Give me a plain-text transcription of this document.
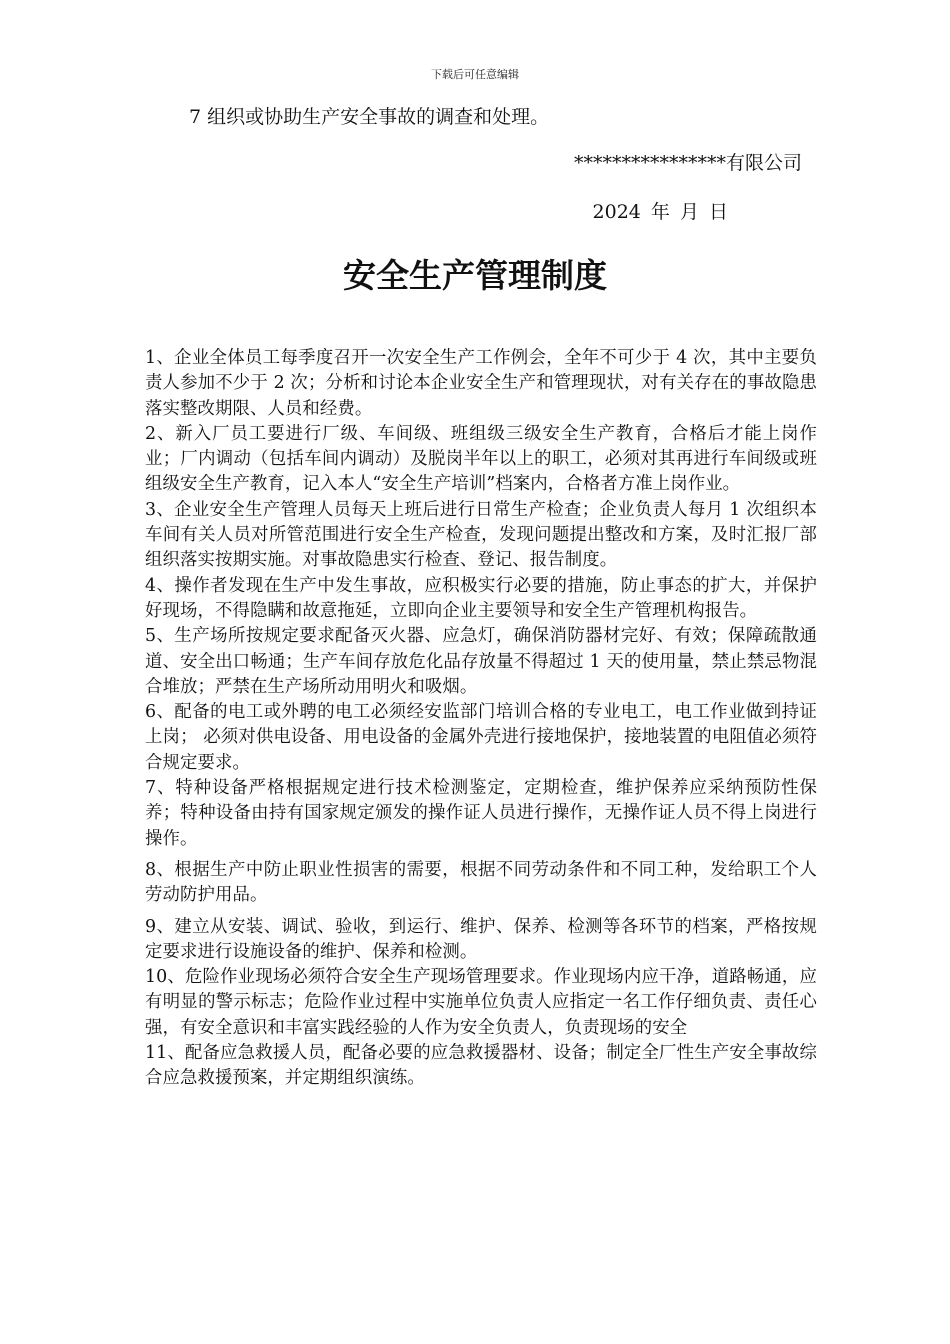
下载后可任意编辑
7 组织或协助生产安全事故的调查和处理。
****************有限公司
2024 年 月 日
安全生产管理制度

1、企业全体员工每季度召开一次安全生产工作例会，全年不可少于 4 次，其中主要负责人参加不少于 2 次；分析和讨论本企业安全生产和管理现状，对有关存在的事故隐患落实整改期限、人员和经费。

2、新入厂员工要进行厂级、车间级、班组级三级安全生产教育，合格后才能上岗作业；厂内调动（包括车间内调动）及脱岗半年以上的职工，必须对其再进行车间级或班组级安全生产教育，记入本人“安全生产培训”档案内，合格者方准上岗作业。

3、企业安全生产管理人员每天上班后进行日常生产检查；企业负责人每月 1 次组织本车间有关人员对所管范围进行安全生产检查，发现问题提出整改和方案，及时汇报厂部组织落实按期实施。对事故隐患实行检查、登记、报告制度。

4、操作者发现在生产中发生事故，应积极实行必要的措施，防止事态的扩大，并保护好现场，不得隐瞒和故意拖延，立即向企业主要领导和安全生产管理机构报告。

5、生产场所按规定要求配备灭火器、应急灯，确保消防器材完好、有效；保障疏散通道、安全出口畅通；生产车间存放危化品存放量不得超过 1 天的使用量，禁止禁忌物混合堆放；严禁在生产场所动用明火和吸烟。

6、配备的电工或外聘的电工必须经安监部门培训合格的专业电工，电工作业做到持证上岗； 必须对供电设备、用电设备的金属外壳进行接地保护，接地装置的电阻值必须符合规定要求。

7、特种设备严格根据规定进行技术检测鉴定，定期检查，维护保养应采纳预防性保养；特种设备由持有国家规定颁发的操作证人员进行操作，无操作证人员不得上岗进行操作。

8、根据生产中防止职业性损害的需要，根据不同劳动条件和不同工种，发给职工个人劳动防护用品。

9、建立从安装、调试、验收，到运行、维护、保养、检测等各环节的档案，严格按规定要求进行设施设备的维护、保养和检测。

10、危险作业现场必须符合安全生产现场管理要求。作业现场内应干净，道路畅通，应有明显的警示标志；危险作业过程中实施单位负责人应指定一名工作仔细负责、责任心强，有安全意识和丰富实践经验的人作为安全负责人，负责现场的安全

11、配备应急救援人员，配备必要的应急救援器材、设备；制定全厂性生产安全事故综合应急救援预案，并定期组织演练。
